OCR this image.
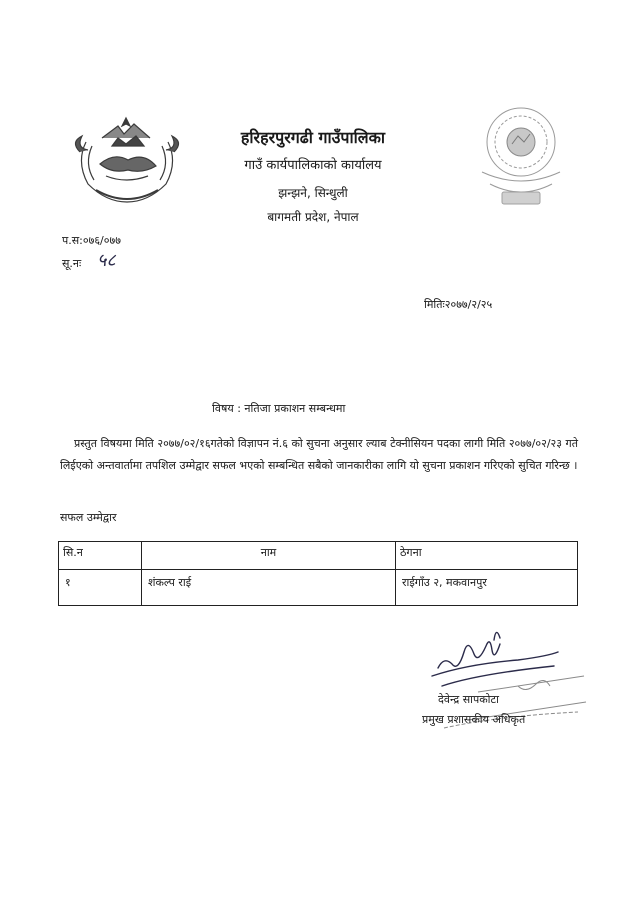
हरिहरपुरगढी गाउँपालिका
गाउँ कार्यपालिकाको कार्यालय
झन्झने, सिन्धुली
बागमती प्रदेश, नेपाल
प.स:०७६/०७७
सू.नः ५८
मितिः२०७७/२/२५
विषय : नतिजा प्रकाशन सम्बन्धमा
प्रस्तुत विषयमा मिति २०७७/०२/१६गतेको विज्ञापन नं.६ को सुचना अनुसार ल्याब टेक्नीसियन पदका लागी मिति २०७७/०२/२३ गते लिईएको अन्तवार्तामा तपशिल उम्मेद्वार सफल भएको सम्बन्धित सबैको जानकारीका लागि यो सुचना प्रकाशन गरिएको सुचित गरिन्छ ।
सफल उम्मेद्वार
सि.न	नाम	ठेगना
१	शंकल्प राई	राईगाँउ २, मकवानपुर
देवेन्द्र सापकोटा
प्रमुख प्रशासकीय अधिकृत
